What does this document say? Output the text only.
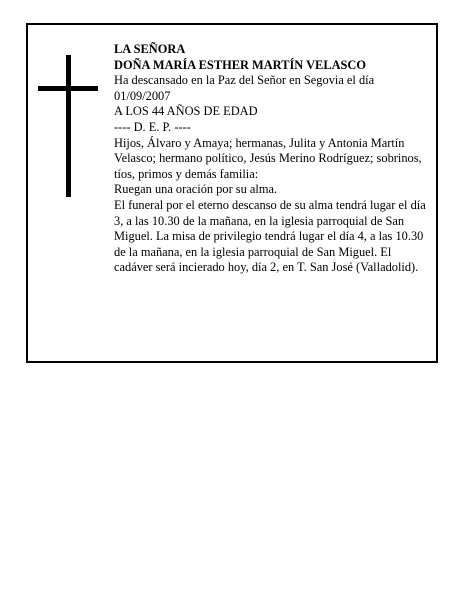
LA SEÑORA

DOÑA MARÍA ESTHER MARTÍN VELASCO

Ha descansado en la Paz del Señor en Segovia el día 01/09/2007

A LOS 44 AÑOS DE EDAD

---- D. E. P. ----

Hijos, Álvaro y Amaya; hermanas, Julita y Antonia Martín Velasco; hermano político, Jesús Merino Rodríguez; sobrinos, tíos, primos y demás familia:

Ruegan una oración por su alma.

El funeral por el eterno descanso de su alma tendrá lugar el día 3, a las 10.30 de la mañana, en la iglesia parroquial de San Miguel. La misa de privilegio tendrá lugar el día 4, a las 10.30 de la mañana, en la iglesia parroquial de San Miguel. El cadáver será incierado hoy, día 2, en T. San José (Valladolid).
